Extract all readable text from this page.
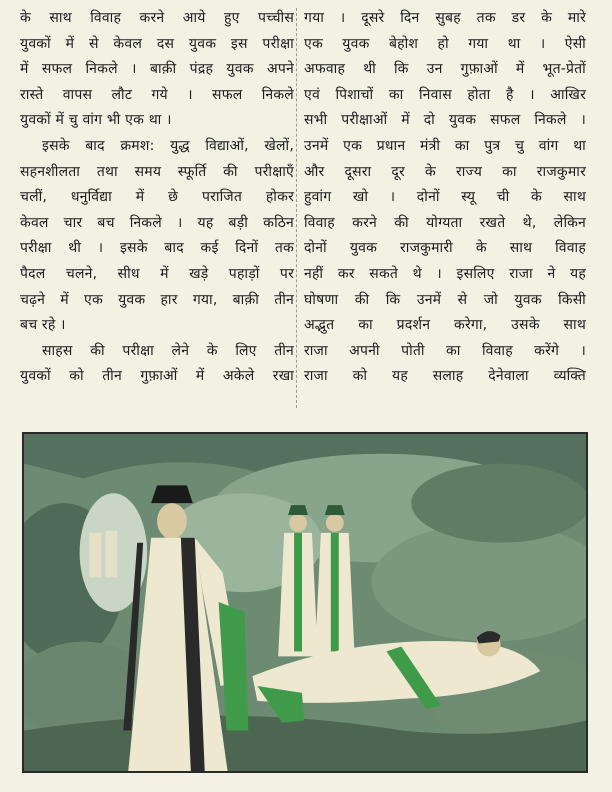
के साथ विवाह करने आये हुए पच्चीस
युवकों में से केवल दस युवक इस परीक्षा
में सफल निकले । बाक़ी पंद्रह युवक अपने
रास्ते वापस लौट गये । सफल निकले
युवकों में चु वांग भी एक था ।
इसके बाद क्रमश: युद्ध विद्याओं, खेलों,
सहनशीलता तथा समय स्फूर्ति की परीक्षाएँ
चलीं, धनुर्विद्या में छे पराजित होकर
केवल चार बच निकले । यह बड़ी कठिन
परीक्षा थी । इसके बाद कई दिनों तक
पैदल चलने, सीध में खड़े पहाड़ों पर
चढ़ने में एक युवक हार गया, बाक़ी तीन
बच रहे ।
साहस की परीक्षा लेने के लिए तीन
युवकों को तीन गुफ़ाओं में अकेले रखा
गया । दूसरे दिन सुबह तक डर के मारे
एक युवक बेहोश हो गया था । ऐसी
अफवाह थी कि उन गुफ़ाओं में भूत-प्रेतों
एवं पिशाचों का निवास होता है । आखिर
सभी परीक्षाओं में दो युवक सफल निकले ।
उनमें एक प्रधान मंत्री का पुत्र चु वांग था
और दूसरा दूर के राज्य का राजकुमार
हुवांग खो । दोनों स्यू ची के साथ
विवाह करने की योग्यता रखते थे, लेकिन
दोनों युवक राजकुमारी के साथ विवाह
नहीं कर सकते थे । इसलिए राजा ने यह
घोषणा की कि उनमें से जो युवक किसी
अद्भुत का प्रदर्शन करेगा, उसके साथ
राजा अपनी पोती का विवाह करेंगे ।
राजा को यह सलाह देनेवाला व्यक्ति
